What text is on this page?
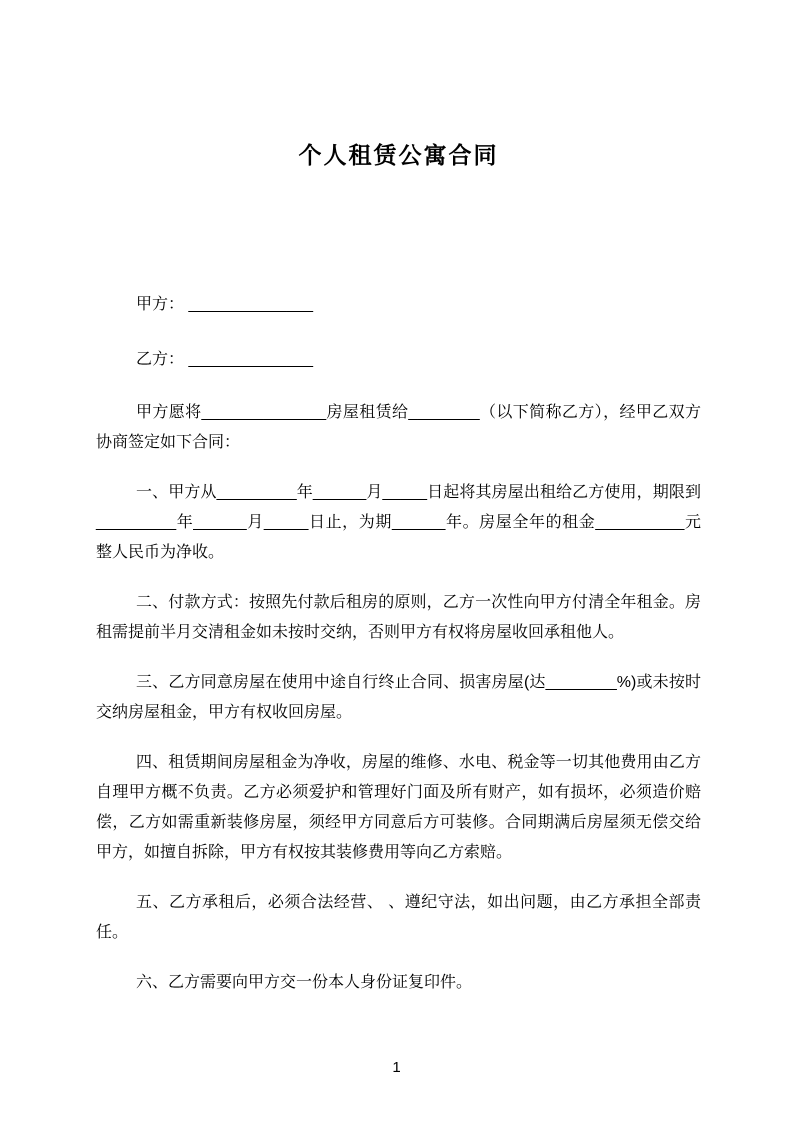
个人租赁公寓合同

甲方： ______________

乙方： ______________

甲方愿将______________房屋租赁给________（以下简称乙方），经甲乙双方协商签定如下合同：

一、甲方从_________年______月_____日起将其房屋出租给乙方使用，期限到_________年______月_____日止，为期______年。房屋全年的租金__________元整人民币为净收。

二、付款方式：按照先付款后租房的原则，乙方一次性向甲方付清全年租金。房租需提前半月交清租金如未按时交纳，否则甲方有权将房屋收回承租他人。

三、乙方同意房屋在使用中途自行终止合同、损害房屋(达________%)或未按时交纳房屋租金，甲方有权收回房屋。

四、租赁期间房屋租金为净收，房屋的维修、水电、税金等一切其他费用由乙方自理甲方概不负责。乙方必须爱护和管理好门面及所有财产，如有损坏，必须造价赔偿，乙方如需重新装修房屋，须经甲方同意后方可装修。合同期满后房屋须无偿交给甲方，如擅自拆除，甲方有权按其装修费用等向乙方索赔。

五、乙方承租后，必须合法经营、 、遵纪守法，如出问题，由乙方承担全部责任。

六、乙方需要向甲方交一份本人身份证复印件。

1
